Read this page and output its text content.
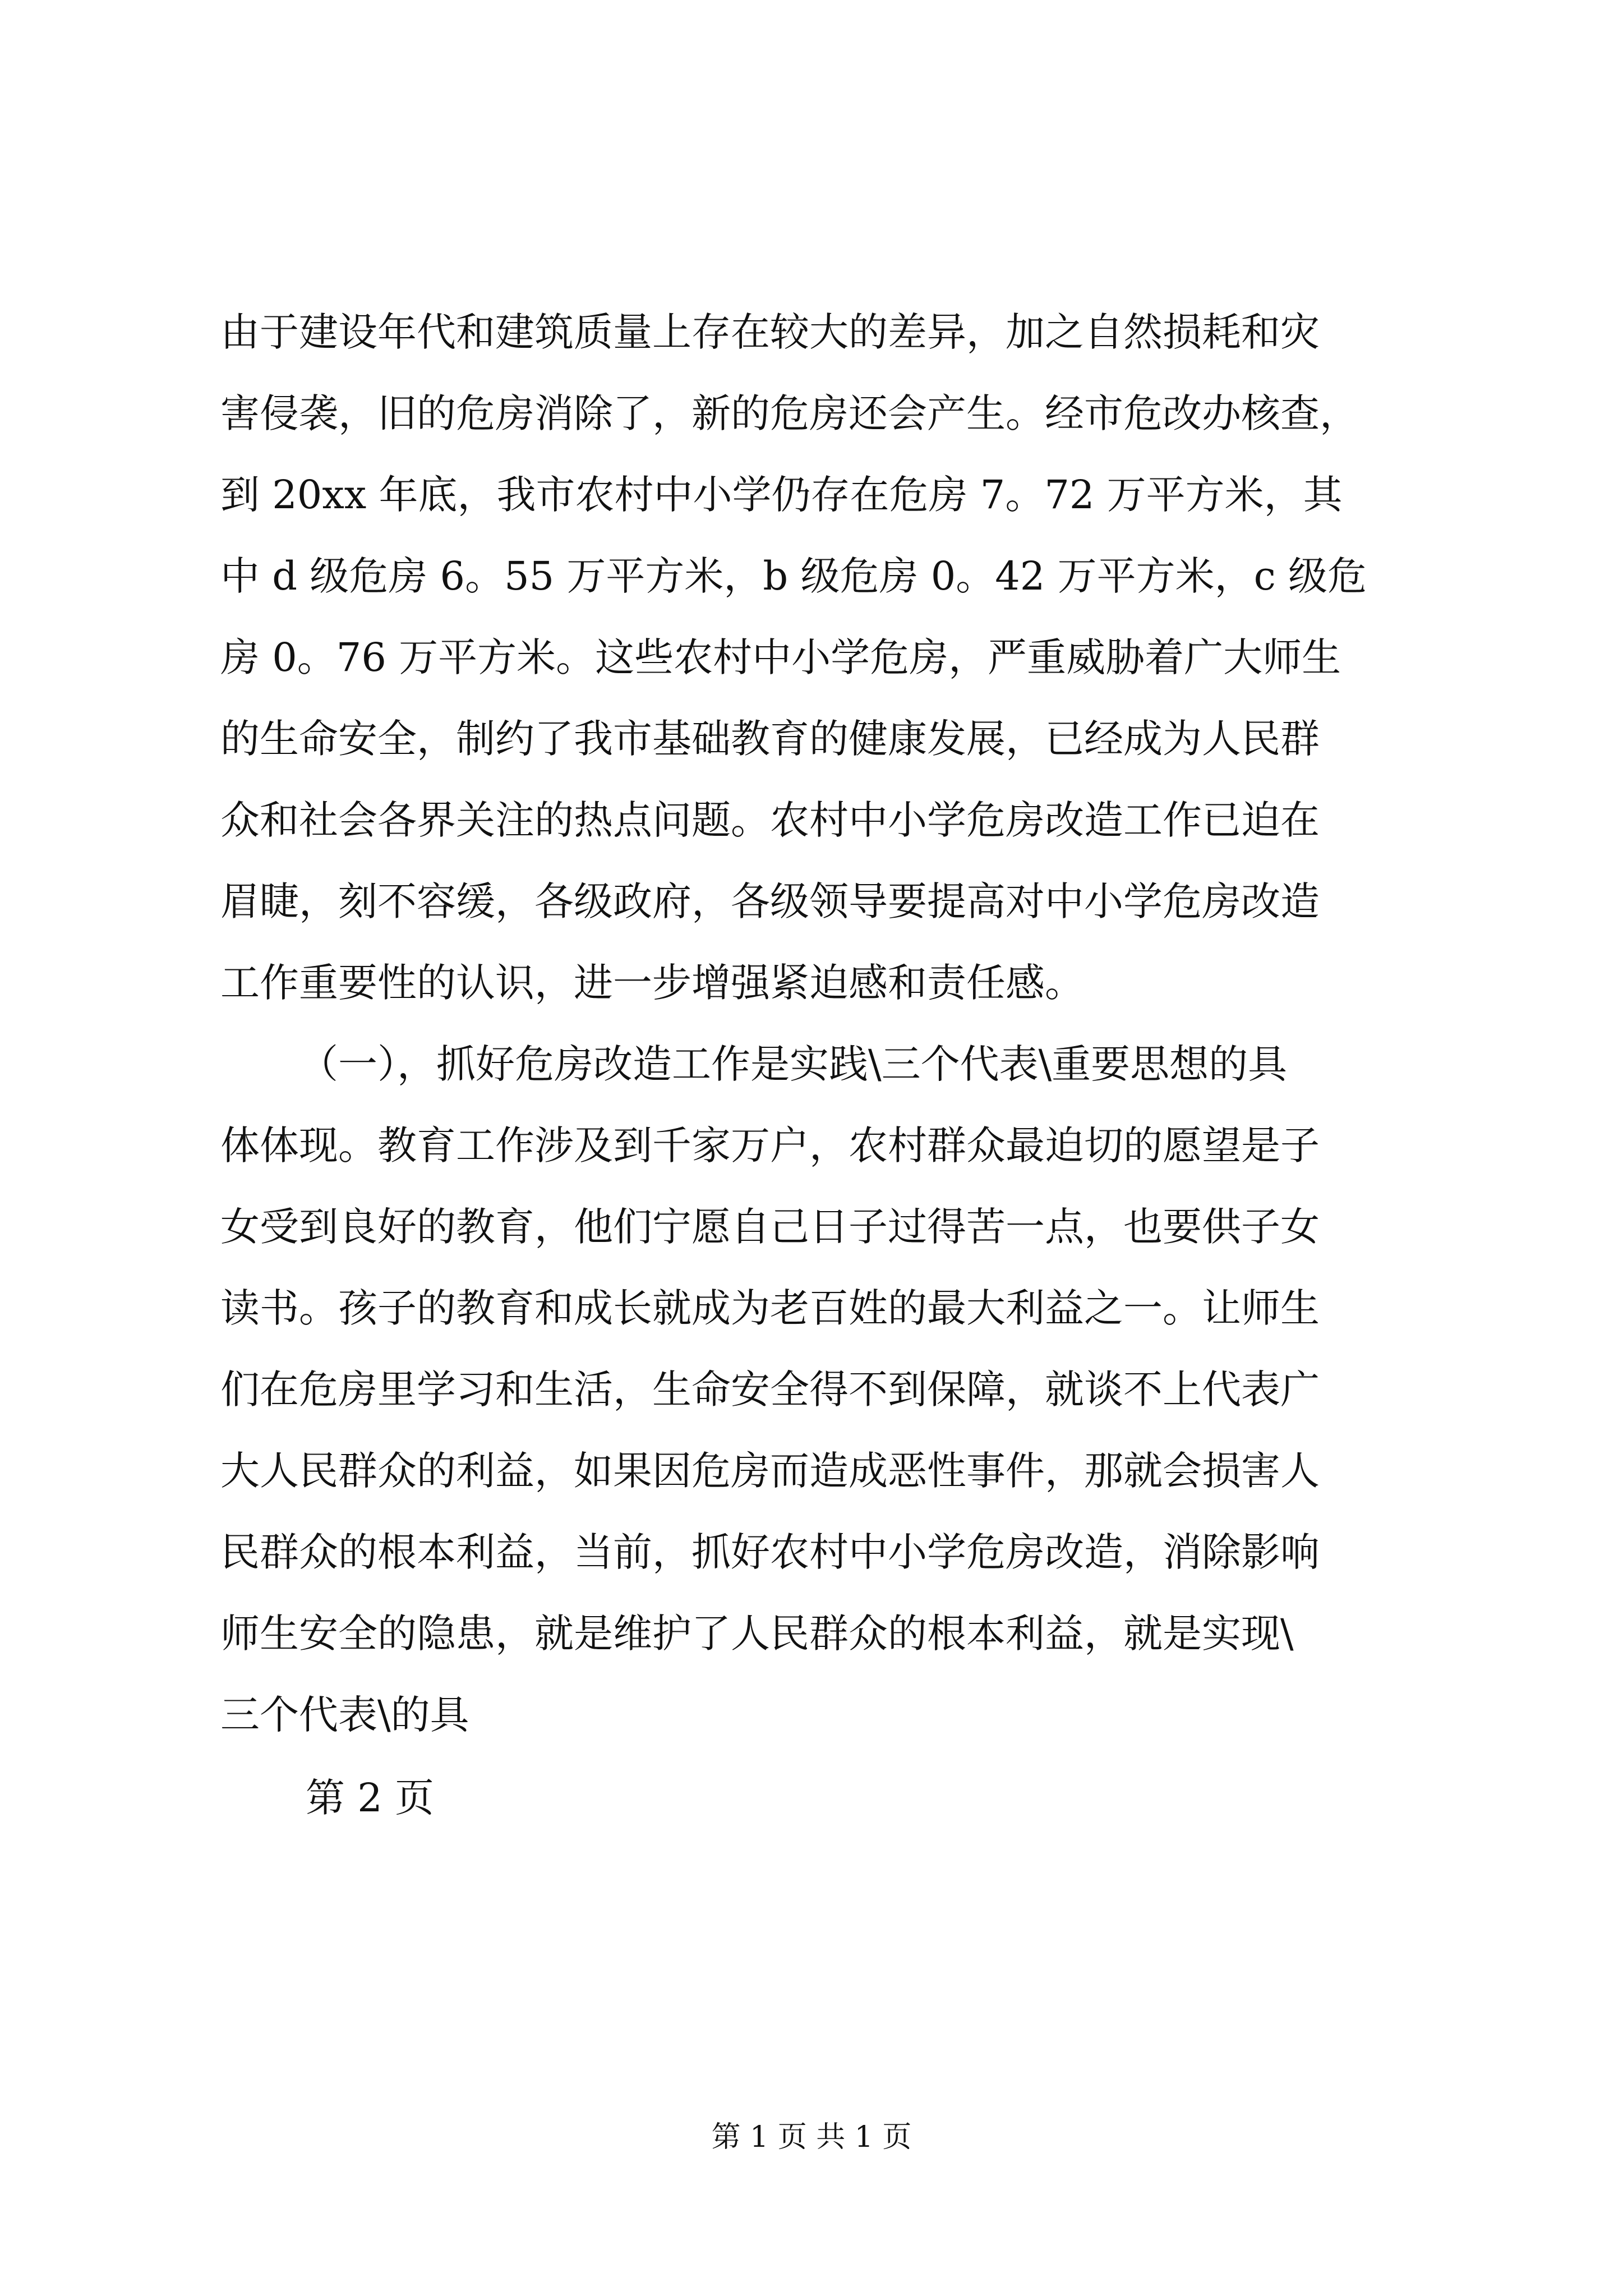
由于建设年代和建筑质量上存在较大的差异，加之自然损耗和灾
害侵袭，旧的危房消除了，新的危房还会产生。经市危改办核查，
到 20xx 年底，我市农村中小学仍存在危房 7。72 万平方米，其
中 d 级危房 6。55 万平方米，b 级危房 0。42 万平方米，c 级危
房 0。76 万平方米。这些农村中小学危房，严重威胁着广大师生
的生命安全，制约了我市基础教育的健康发展，已经成为人民群
众和社会各界关注的热点问题。农村中小学危房改造工作已迫在
眉睫，刻不容缓，各级政府，各级领导要提高对中小学危房改造
工作重要性的认识，进一步增强紧迫感和责任感。
（一），抓好危房改造工作是实践\三个代表\重要思想的具
体体现。教育工作涉及到千家万户，农村群众最迫切的愿望是子
女受到良好的教育，他们宁愿自己日子过得苦一点，也要供子女
读书。孩子的教育和成长就成为老百姓的最大利益之一。让师生
们在危房里学习和生活，生命安全得不到保障，就谈不上代表广
大人民群众的利益，如果因危房而造成恶性事件，那就会损害人
民群众的根本利益，当前，抓好农村中小学危房改造，消除影响
师生安全的隐患，就是维护了人民群众的根本利益，就是实现\
三个代表\的具
第 2 页
第 1 页 共 1 页
